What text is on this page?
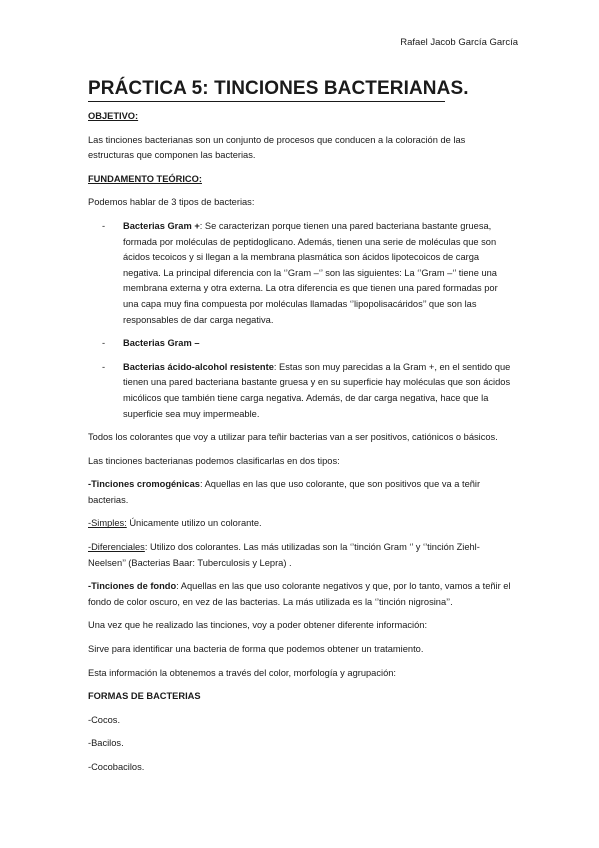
Rafael Jacob García García
PRÁCTICA 5: TINCIONES BACTERIANAS.

OBJETIVO:

Las tinciones bacterianas son un conjunto de procesos que conducen a la coloración de las estructuras que componen las bacterias.

FUNDAMENTO TEÓRICO:

Podemos hablar de 3 tipos de bacterias:

- Bacterias Gram +: Se caracterizan porque tienen una pared bacteriana bastante gruesa, formada por moléculas de peptidoglicano. Además, tienen una serie de moléculas que son ácidos tecoicos y si llegan a la membrana plasmática son ácidos lipotecoicos de carga negativa. La principal diferencia con la ‘’Gram –‘’ son las siguientes: La ‘’Gram –‘’ tiene una membrana externa y otra externa. La otra diferencia es que tienen una pared formadas por una capa muy fina compuesta por moléculas llamadas ‘’lipopolisacáridos’’ que son las responsables de dar carga negativa.
- Bacterias Gram –
- Bacterias ácido-alcohol resistente: Estas son muy parecidas a la Gram +, en el sentido que tienen una pared bacteriana bastante gruesa y en su superficie hay moléculas que son ácidos micólicos que también tiene carga negativa. Además, de dar carga negativa, hace que la superficie sea muy impermeable.

Todos los colorantes que voy a utilizar para teñir bacterias van a ser positivos, catiónicos o básicos.

Las tinciones bacterianas podemos clasificarlas en dos tipos:

-Tinciones cromogénicas: Aquellas en las que uso colorante, que son positivos que va a teñir bacterias.

-Simples: Únicamente utilizo un colorante.

-Diferenciales: Utilizo dos colorantes. Las más utilizadas son la ‘’tinción Gram ‘’ y ‘’tinción Ziehl-Neelsen’’ (Bacterias Baar: Tuberculosis y Lepra) .

-Tinciones de fondo: Aquellas en las que uso colorante negativos y que, por lo tanto, vamos a teñir el fondo de color oscuro, en vez de las bacterias. La más utilizada es la ‘’tinción nigrosina’’.

Una vez que he realizado las tinciones, voy a poder obtener diferente información:

Sirve para identificar una bacteria de forma que podemos obtener un tratamiento.

Esta información la obtenemos a través del color, morfología y agrupación:

FORMAS DE BACTERIAS

-Cocos.

-Bacilos.

-Cocobacilos.
